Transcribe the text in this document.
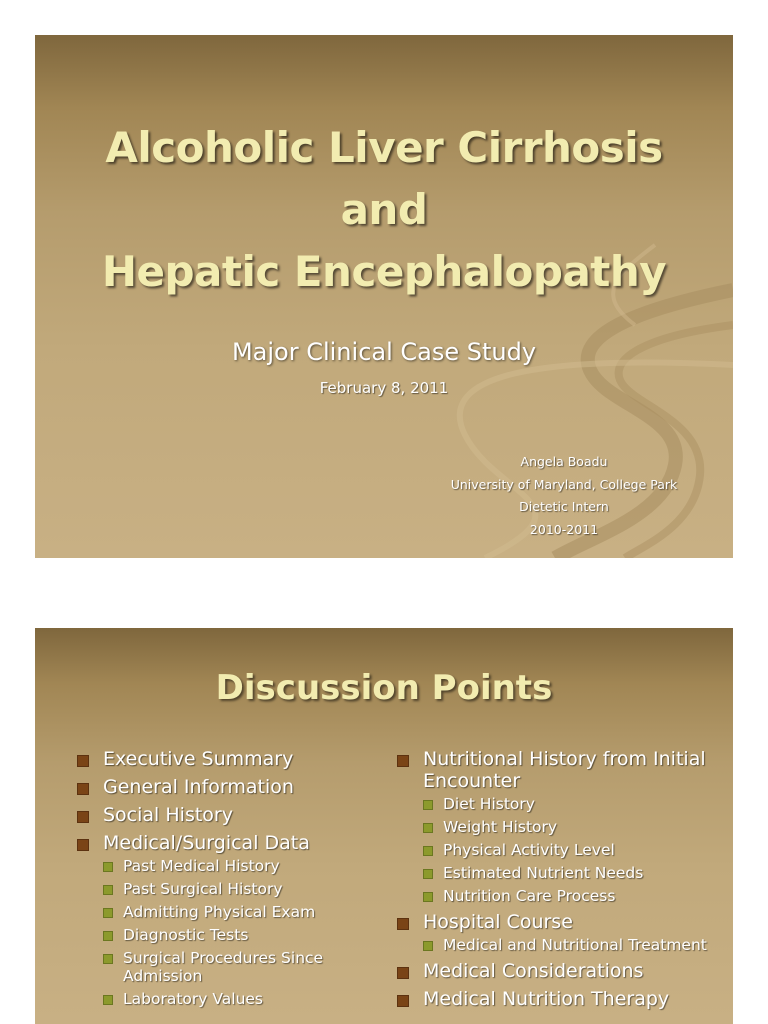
Alcoholic Liver Cirrhosis
and
Hepatic Encephalopathy
Major Clinical Case Study
February 8, 2011
Angela Boadu
University of Maryland, College Park
Dietetic Intern
2010-2011
Discussion Points
Executive Summary
General Information
Social History
Medical/Surgical Data
Past Medical History
Past Surgical History
Admitting Physical Exam
Diagnostic Tests
Surgical Procedures Since Admission
Laboratory Values
Nutritional History from Initial Encounter
Diet History
Weight History
Physical Activity Level
Estimated Nutrient Needs
Nutrition Care Process
Hospital Course
Medical and Nutritional Treatment
Medical Considerations
Medical Nutrition Therapy
